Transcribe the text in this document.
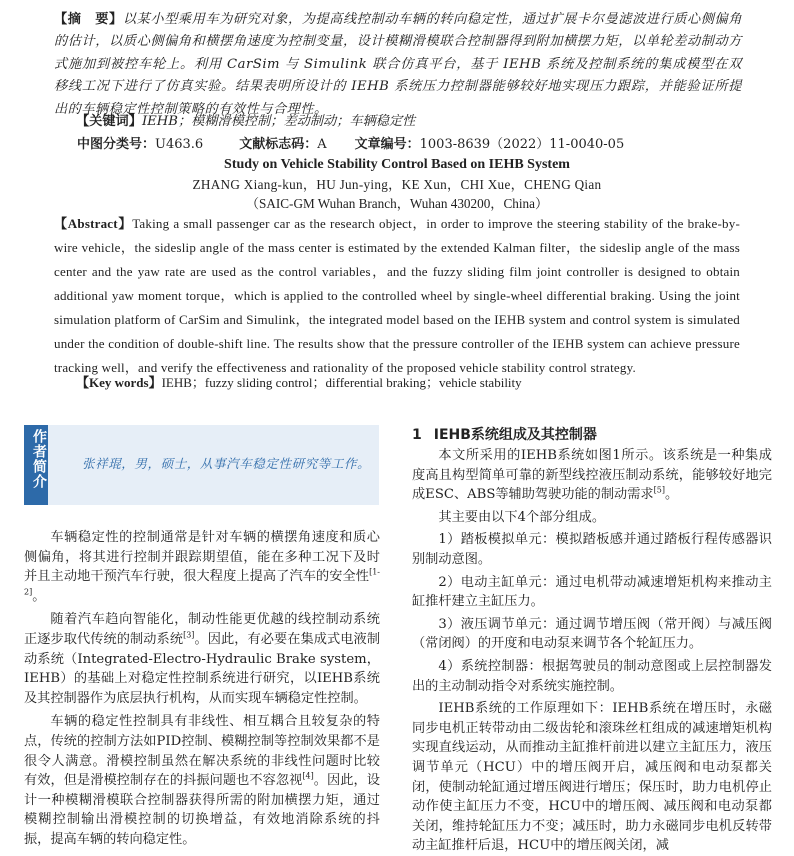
【摘　要】以某小型乘用车为研究对象，为提高线控制动车辆的转向稳定性，通过扩展卡尔曼滤波进行质心侧偏角的估计，以质心侧偏角和横摆角速度为控制变量，设计模糊滑模联合控制器得到附加横摆力矩，以单轮差动制动方式施加到被控车轮上。利用 CarSim 与 Simulink 联合仿真平台，基于 IEHB 系统及控制系统的集成模型在双移线工况下进行了仿真实验。结果表明所设计的 IEHB 系统压力控制器能够较好地实现压力跟踪，并能验证所提出的车辆稳定性控制策略的有效性与合理性。
【关键词】IEHB；模糊滑模控制；差动制动；车辆稳定性
中图分类号：U463.6	文献标志码：A 文章编号：1003-8639（2022）11-0040-05
Study on Vehicle Stability Control Based on IEHB System
ZHANG Xiang-kun，HU Jun-ying，KE Xun，CHI Xue，CHENG Qian
（SAIC-GM Wuhan Branch，Wuhan 430200，China）
【Abstract】Taking a small passenger car as the research object，in order to improve the steering stability of the brake-by-wire vehicle，the sideslip angle of the mass center is estimated by the extended Kalman filter，the sideslip angle of the mass center and the yaw rate are used as the control variables，and the fuzzy sliding film joint controller is designed to obtain additional yaw moment torque，which is applied to the controlled wheel by single-wheel differential braking. Using the joint simulation platform of CarSim and Simulink，the integrated model based on the IEHB system and control system is simulated under the condition of double-shift line. The results show that the pressure controller of the IEHB system can achieve pressure tracking well，and verify the effectiveness and rationality of the proposed vehicle stability control strategy.
【Key words】IEHB；fuzzy sliding control；differential braking；vehicle stability
作者简介	张祥琨，男，硕士，从事汽车稳定性研究等工作。

车辆稳定性的控制通常是针对车辆的横摆角速度和质心侧偏角，将其进行控制并跟踪期望值，能在多种工况下及时并且主动地干预汽车行驶，很大程度上提高了汽车的安全性[1-2]。

随着汽车趋向智能化，制动性能更优越的线控制动系统正逐步取代传统的制动系统[3]。因此，有必要在集成式电液制动系统（Integrated-Electro-Hydraulic Brake system，IEHB）的基础上对稳定性控制系统进行研究，以IEHB系统及其控制器作为底层执行机构，从而实现车辆稳定性控制。

车辆的稳定性控制具有非线性、相互耦合且较复杂的特点，传统的控制方法如PID控制、模糊控制等控制效果都不是很令人满意。滑模控制虽然在解决系统的非线性问题时比较有效，但是滑模控制存在的抖振问题也不容忽视[4]。因此，设计一种模糊滑模联合控制器获得所需的附加横摆力矩，通过模糊控制输出滑模控制的切换增益，有效地消除系统的抖振，提高车辆的转向稳定性。

1 IEHB系统组成及其控制器

本文所采用的IEHB系统如图1所示。该系统是一种集成度高且构型简单可靠的新型线控液压制动系统，能够较好地完成ESC、ABS等辅助驾驶功能的制动需求[5]。

其主要由以下4个部分组成。

1）踏板模拟单元：模拟踏板感并通过踏板行程传感器识别制动意图。

2）电动主缸单元：通过电机带动减速增矩机构来推动主缸推杆建立主缸压力。

3）液压调节单元：通过调节增压阀（常开阀）与减压阀（常闭阀）的开度和电动泵来调节各个轮缸压力。

4）系统控制器：根据驾驶员的制动意图或上层控制器发出的主动制动指令对系统实施控制。

IEHB系统的工作原理如下：IEHB系统在增压时，永磁同步电机正转带动由二级齿轮和滚珠丝杠组成的减速增矩机构实现直线运动，从而推动主缸推杆前进以建立主缸压力，液压调节单元（HCU）中的增压阀开启，减压阀和电动泵都关闭，使制动轮缸通过增压阀进行增压；保压时，助力电机停止动作使主缸压力不变，HCU中的增压阀、减压阀和电动泵都关闭，维持轮缸压力不变；减压时，助力永磁同步电机反转带动主缸推杆后退，HCU中的增压阀关闭，减
